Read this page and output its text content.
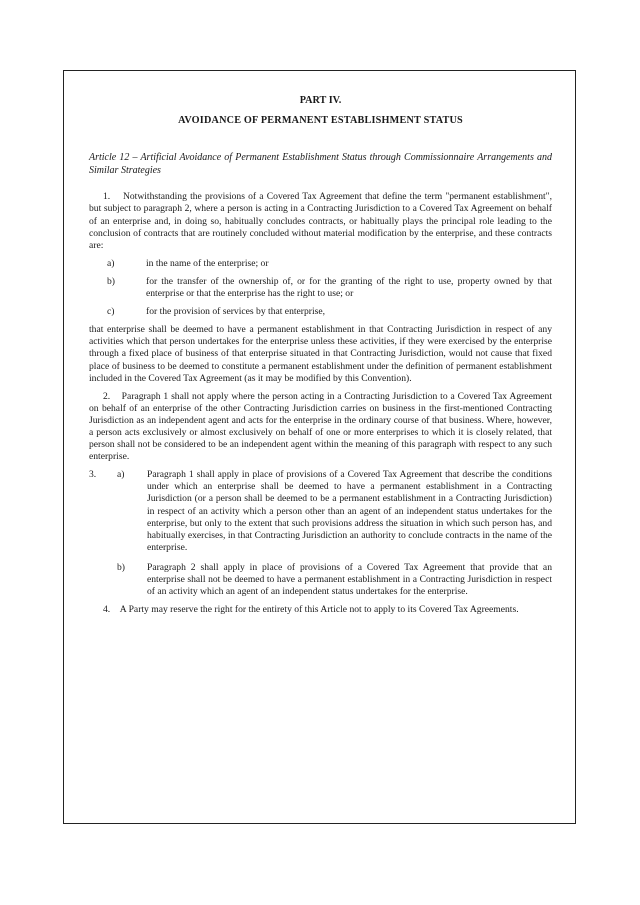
PART IV.

AVOIDANCE OF PERMANENT ESTABLISHMENT STATUS

Article 12 – Artificial Avoidance of Permanent Establishment Status through Commissionnaire Arrangements and Similar Strategies

1. Notwithstanding the provisions of a Covered Tax Agreement that define the term "permanent establishment", but subject to paragraph 2, where a person is acting in a Contracting Jurisdiction to a Covered Tax Agreement on behalf of an enterprise and, in doing so, habitually concludes contracts, or habitually plays the principal role leading to the conclusion of contracts that are routinely concluded without material modification by the enterprise, and these contracts are:

a)	in the name of the enterprise; or
b)	for the transfer of the ownership of, or for the granting of the right to use, property owned by that enterprise or that the enterprise has the right to use; or
c)	for the provision of services by that enterprise,

that enterprise shall be deemed to have a permanent establishment in that Contracting Jurisdiction in respect of any activities which that person undertakes for the enterprise unless these activities, if they were exercised by the enterprise through a fixed place of business of that enterprise situated in that Contracting Jurisdiction, would not cause that fixed place of business to be deemed to constitute a permanent establishment under the definition of permanent establishment included in the Covered Tax Agreement (as it may be modified by this Convention).

2. Paragraph 1 shall not apply where the person acting in a Contracting Jurisdiction to a Covered Tax Agreement on behalf of an enterprise of the other Contracting Jurisdiction carries on business in the first-mentioned Contracting Jurisdiction as an independent agent and acts for the enterprise in the ordinary course of that business. Where, however, a person acts exclusively or almost exclusively on behalf of one or more enterprises to which it is closely related, that person shall not be considered to be an independent agent within the meaning of this paragraph with respect to any such enterprise.

3.	a)	Paragraph 1 shall apply in place of provisions of a Covered Tax Agreement that describe the conditions under which an enterprise shall be deemed to have a permanent establishment in a Contracting Jurisdiction (or a person shall be deemed to be a permanent establishment in a Contracting Jurisdiction) in respect of an activity which a person other than an agent of an independent status undertakes for the enterprise, but only to the extent that such provisions address the situation in which such person has, and habitually exercises, in that Contracting Jurisdiction an authority to conclude contracts in the name of the enterprise.
b)	Paragraph 2 shall apply in place of provisions of a Covered Tax Agreement that provide that an enterprise shall not be deemed to have a permanent establishment in a Contracting Jurisdiction in respect of an activity which an agent of an independent status undertakes for the enterprise.

4. A Party may reserve the right for the entirety of this Article not to apply to its Covered Tax Agreements.
